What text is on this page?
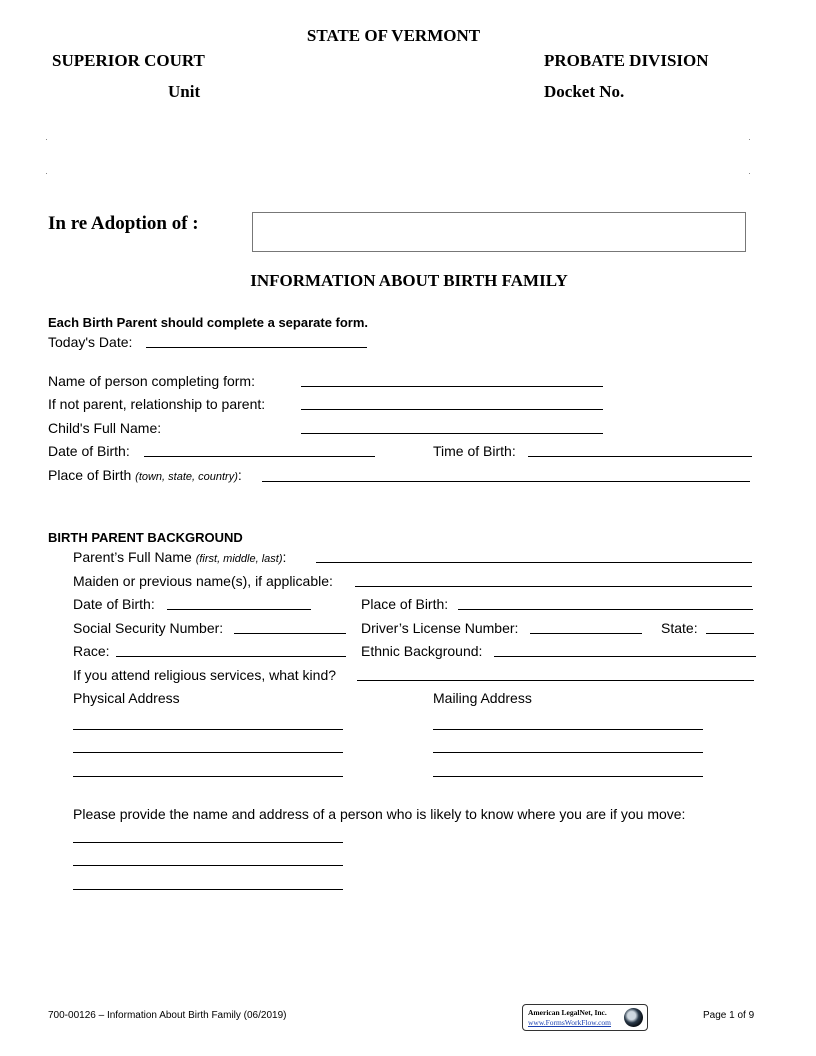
STATE OF VERMONT
SUPERIOR COURT	PROBATE DIVISION
Unit	Docket No.
In re Adoption of :
INFORMATION ABOUT BIRTH FAMILY
Each Birth Parent should complete a separate form.
Today's Date:
Name of person completing form:
If not parent, relationship to parent:
Child's Full Name:
Date of Birth:	Time of Birth:
Place of Birth (town, state, country):
BIRTH PARENT BACKGROUND
Parent’s Full Name (first, middle, last):
Maiden or previous name(s), if applicable:
Date of Birth:	Place of Birth:
Social Security Number:	Driver’s License Number:	State:
Race:	Ethnic Background:
If you attend religious services, what kind?
Physical Address	Mailing Address
Please provide the name and address of a person who is likely to know where you are if you move:
700-00126 – Information About Birth Family (06/2019)	American LegalNet, Inc.
www.FormsWorkFlow.com
Page 1 of 9
